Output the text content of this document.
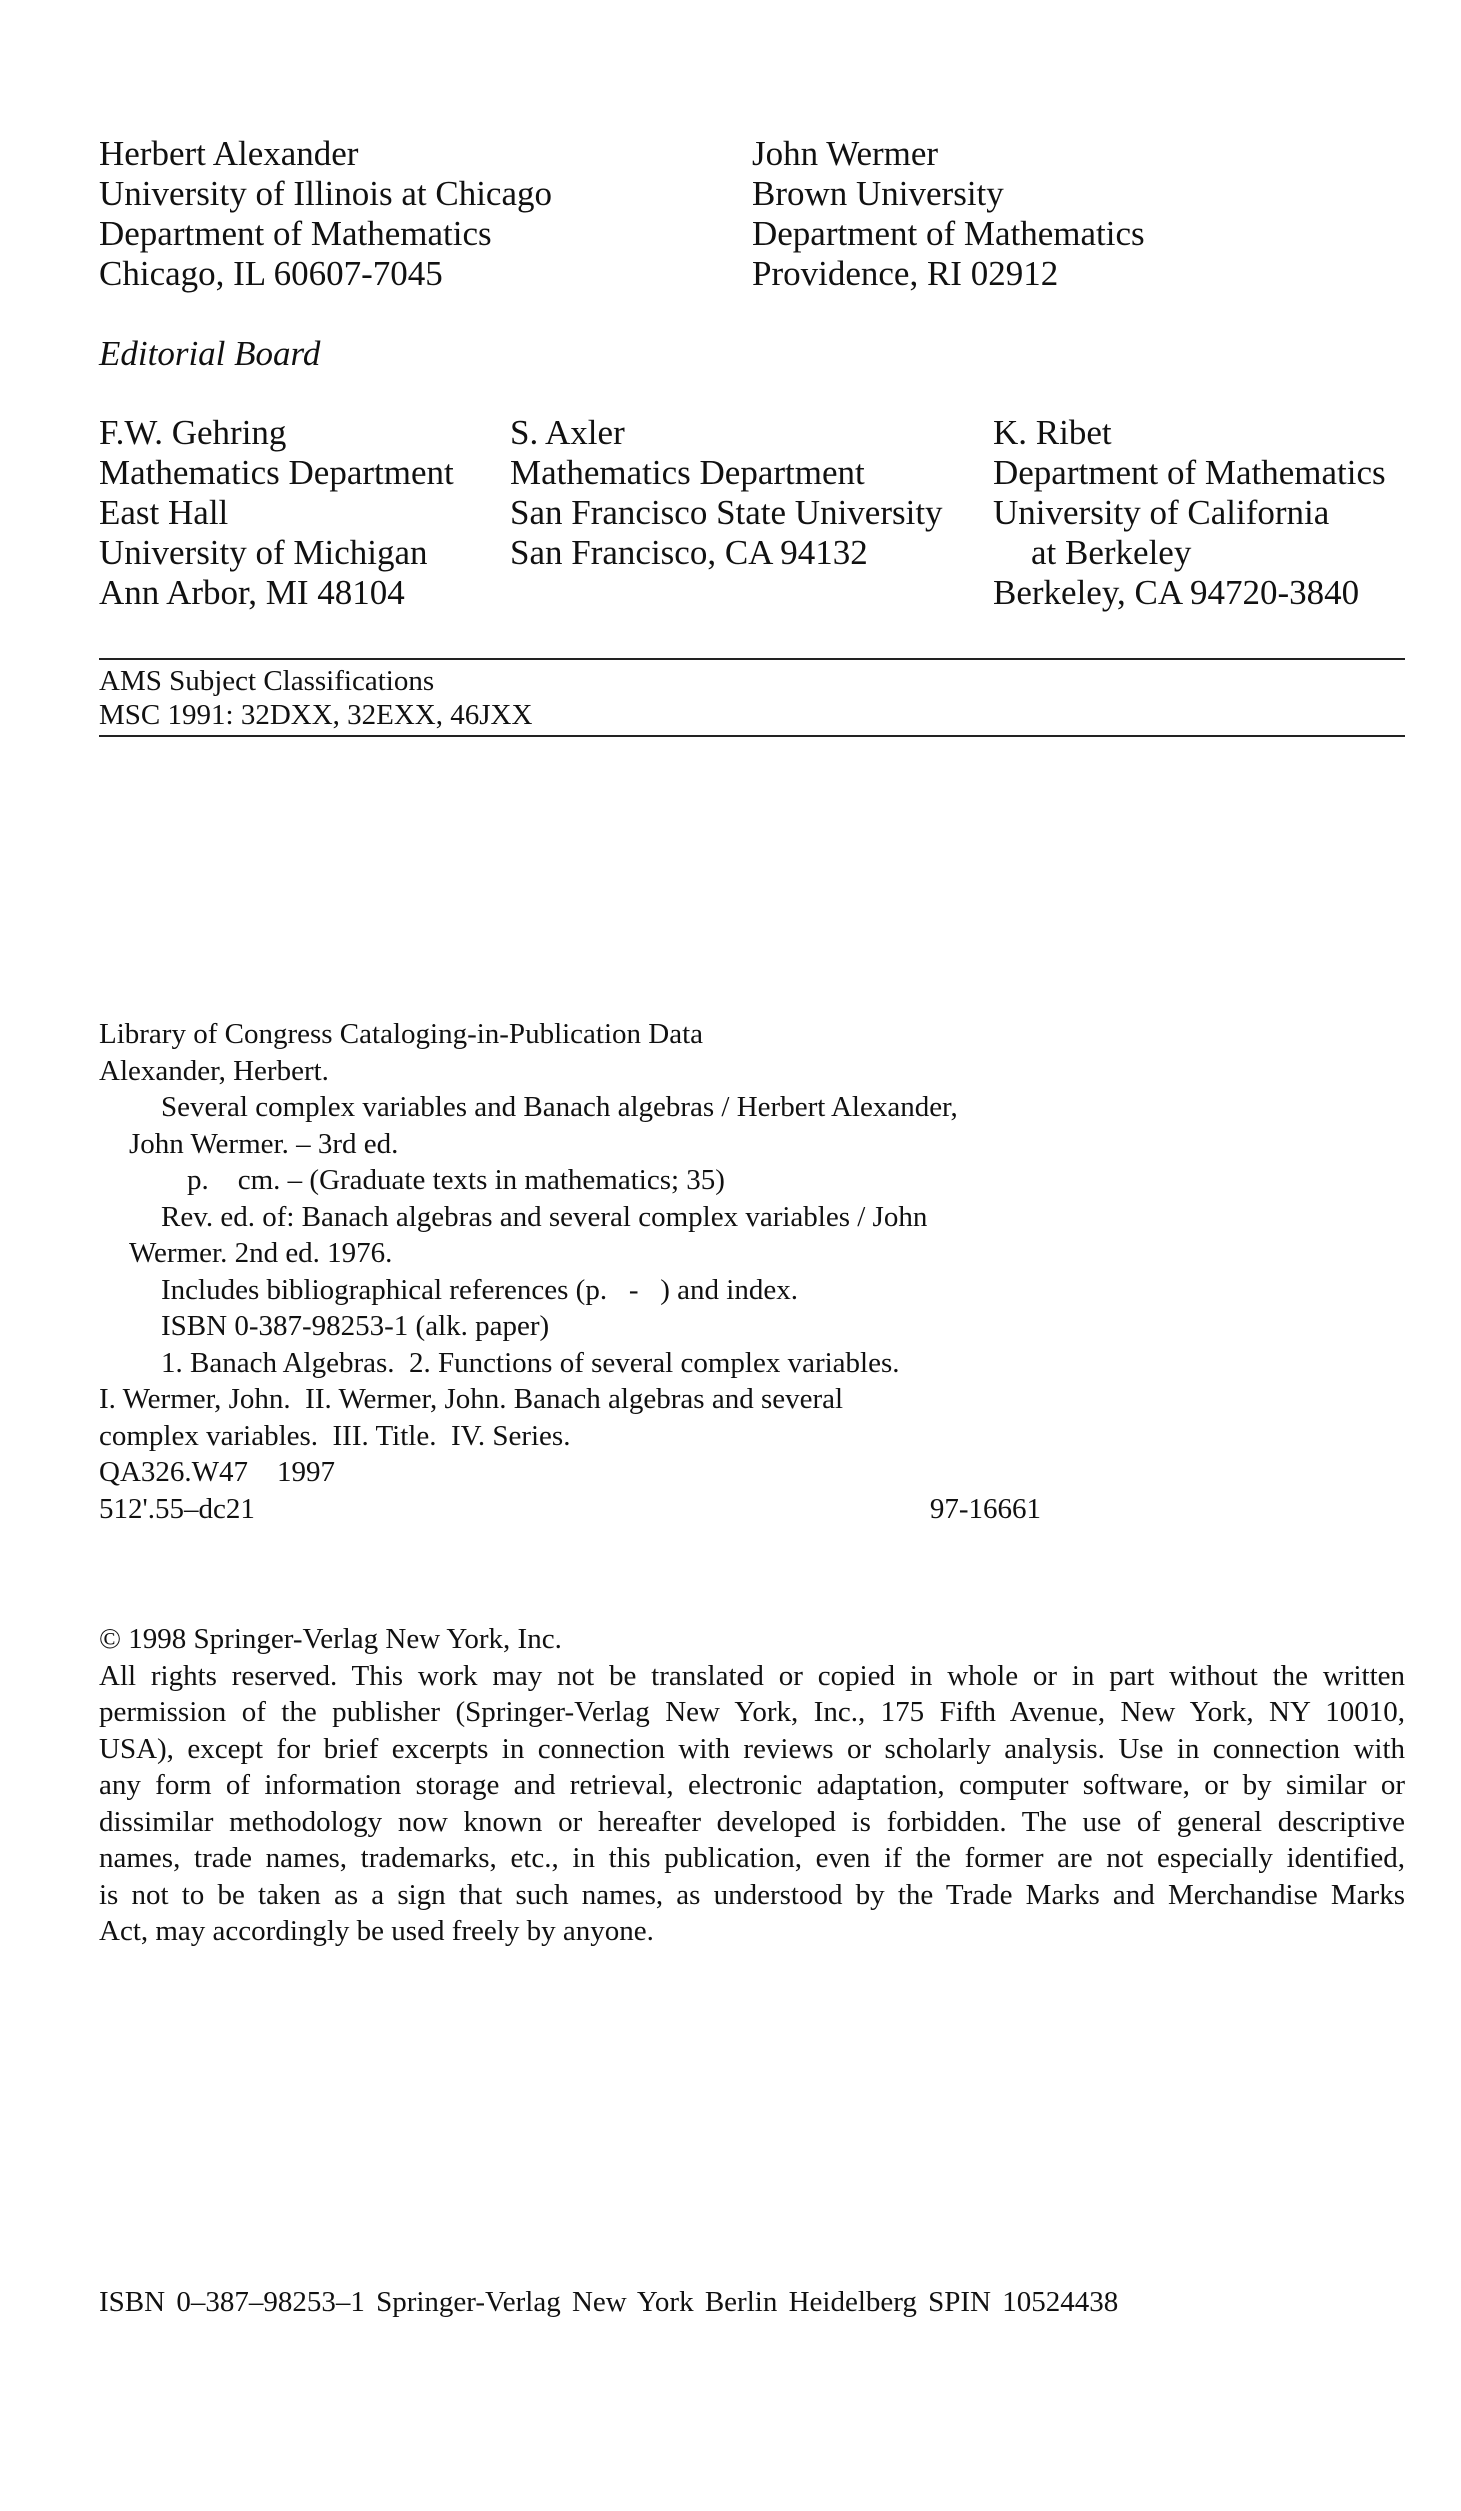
Herbert Alexander
University of Illinois at Chicago
Department of Mathematics
Chicago, IL 60607-7045
John Wermer
Brown University
Department of Mathematics
Providence, RI 02912
Editorial Board
F.W. Gehring
Mathematics Department
East Hall
University of Michigan
Ann Arbor, MI 48104
S. Axler
Mathematics Department
San Francisco State University
San Francisco, CA 94132
K. Ribet
Department of Mathematics
University of California
at Berkeley
Berkeley, CA 94720-3840
AMS Subject Classifications
MSC 1991: 32DXX, 32EXX, 46JXX
Library of Congress Cataloging-in-Publication Data
Alexander, Herbert.
Several complex variables and Banach algebras / Herbert Alexander,
John Wermer. – 3rd ed.
p.    cm. – (Graduate texts in mathematics; 35)
Rev. ed. of: Banach algebras and several complex variables / John
Wermer. 2nd ed. 1976.
Includes bibliographical references (p.   -   ) and index.
ISBN 0-387-98253-1 (alk. paper)
1. Banach Algebras.  2. Functions of several complex variables.
I. Wermer, John.  II. Wermer, John. Banach algebras and several
complex variables.  III. Title.  IV. Series.
QA326.W47    1997
512'.55–dc21	97-16661
© 1998 Springer-Verlag New York, Inc.
All rights reserved. This work may not be translated or copied in whole or in part without the written
permission of the publisher (Springer-Verlag New York, Inc., 175 Fifth Avenue, New York, NY 10010,
USA), except for brief excerpts in connection with reviews or scholarly analysis. Use in connection with
any form of information storage and retrieval, electronic adaptation, computer software, or by similar or
dissimilar methodology now known or hereafter developed is forbidden. The use of general descriptive
names, trade names, trademarks, etc., in this publication, even if the former are not especially identified,
is not to be taken as a sign that such names, as understood by the Trade Marks and Merchandise Marks
Act, may accordingly be used freely by anyone.
ISBN 0–387–98253–1 Springer-Verlag New York Berlin Heidelberg SPIN 10524438
